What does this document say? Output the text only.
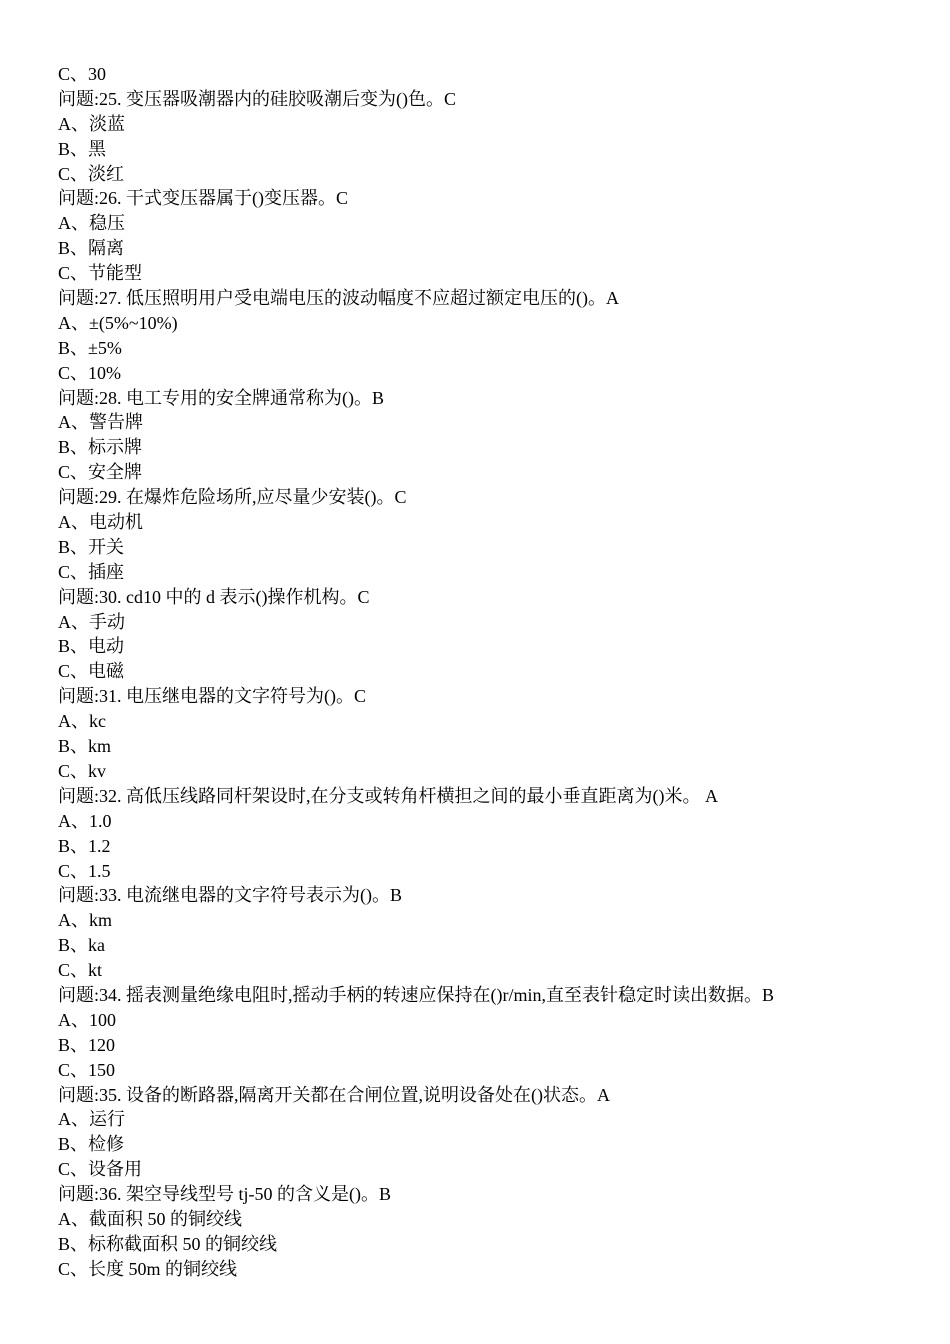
C、30
问题:25. 变压器吸潮器内的硅胶吸潮后变为()色。C
A、淡蓝
B、黑
C、淡红
问题:26. 干式变压器属于()变压器。C
A、稳压
B、隔离
C、节能型
问题:27. 低压照明用户受电端电压的波动幅度不应超过额定电压的()。A
A、±(5%~10%)
B、±5%
C、10%
问题:28. 电工专用的安全牌通常称为()。B
A、警告牌
B、标示牌
C、安全牌
问题:29. 在爆炸危险场所,应尽量少安装()。C
A、电动机
B、开关
C、插座
问题:30. cd10 中的 d 表示()操作机构。C
A、手动
B、电动
C、电磁
问题:31. 电压继电器的文字符号为()。C
A、kc
B、km
C、kv
问题:32. 高低压线路同杆架设时,在分支或转角杆横担之间的最小垂直距离为()米。 A
A、1.0
B、1.2
C、1.5
问题:33. 电流继电器的文字符号表示为()。B
A、km
B、ka
C、kt
问题:34. 摇表测量绝缘电阻时,摇动手柄的转速应保持在()r/min,直至表针稳定时读出数据。B
A、100
B、120
C、150
问题:35. 设备的断路器,隔离开关都在合闸位置,说明设备处在()状态。A
A、运行
B、检修
C、设备用
问题:36. 架空导线型号 tj-50 的含义是()。B
A、截面积 50 的铜绞线
B、标称截面积 50 的铜绞线
C、长度 50m 的铜绞线
